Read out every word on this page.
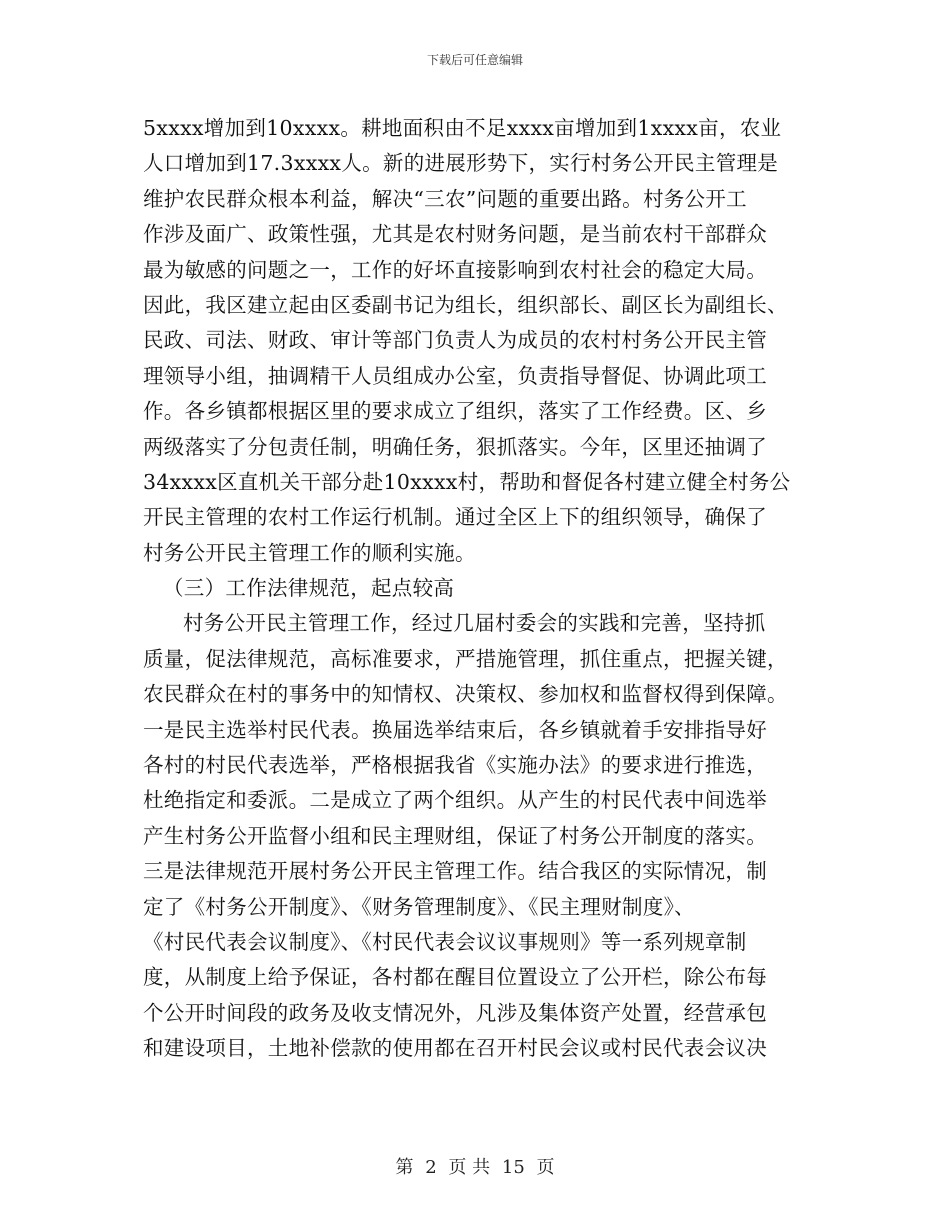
下载后可任意编辑
5xxxx增加到10xxxx。耕地面积由不足xxxx亩增加到1xxxx亩，农业
人口增加到17.3xxxx人。新的进展形势下，实行村务公开民主管理是
维护农民群众根本利益，解决“三农”问题的重要出路。村务公开工
作涉及面广、政策性强，尤其是农村财务问题，是当前农村干部群众
最为敏感的问题之一，工作的好坏直接影响到农村社会的稳定大局。
因此，我区建立起由区委副书记为组长，组织部长、副区长为副组长、
民政、司法、财政、审计等部门负责人为成员的农村村务公开民主管
理领导小组，抽调精干人员组成办公室，负责指导督促、协调此项工
作。各乡镇都根据区里的要求成立了组织，落实了工作经费。区、乡
两级落实了分包责任制，明确任务，狠抓落实。今年，区里还抽调了
34xxxx区直机关干部分赴10xxxx村，帮助和督促各村建立健全村务公
开民主管理的农村工作运行机制。通过全区上下的组织领导，确保了
村务公开民主管理工作的顺利实施。
（三）工作法律规范，起点较高
村务公开民主管理工作，经过几届村委会的实践和完善，坚持抓
质量，促法律规范，高标准要求，严措施管理，抓住重点，把握关键，
农民群众在村的事务中的知情权、决策权、参加权和监督权得到保障。
一是民主选举村民代表。换届选举结束后，各乡镇就着手安排指导好
各村的村民代表选举，严格根据我省《实施办法》的要求进行推选，
杜绝指定和委派。二是成立了两个组织。从产生的村民代表中间选举
产生村务公开监督小组和民主理财组，保证了村务公开制度的落实。
三是法律规范开展村务公开民主管理工作。结合我区的实际情况，制
定了《村务公开制度》、《财务管理制度》、《民主理财制度》、
《村民代表会议制度》、《村民代表会议议事规则》等一系列规章制
度，从制度上给予保证，各村都在醒目位置设立了公开栏，除公布每
个公开时间段的政务及收支情况外，凡涉及集体资产处置，经营承包
和建设项目，土地补偿款的使用都在召开村民会议或村民代表会议决
第 2 页 共 15 页
